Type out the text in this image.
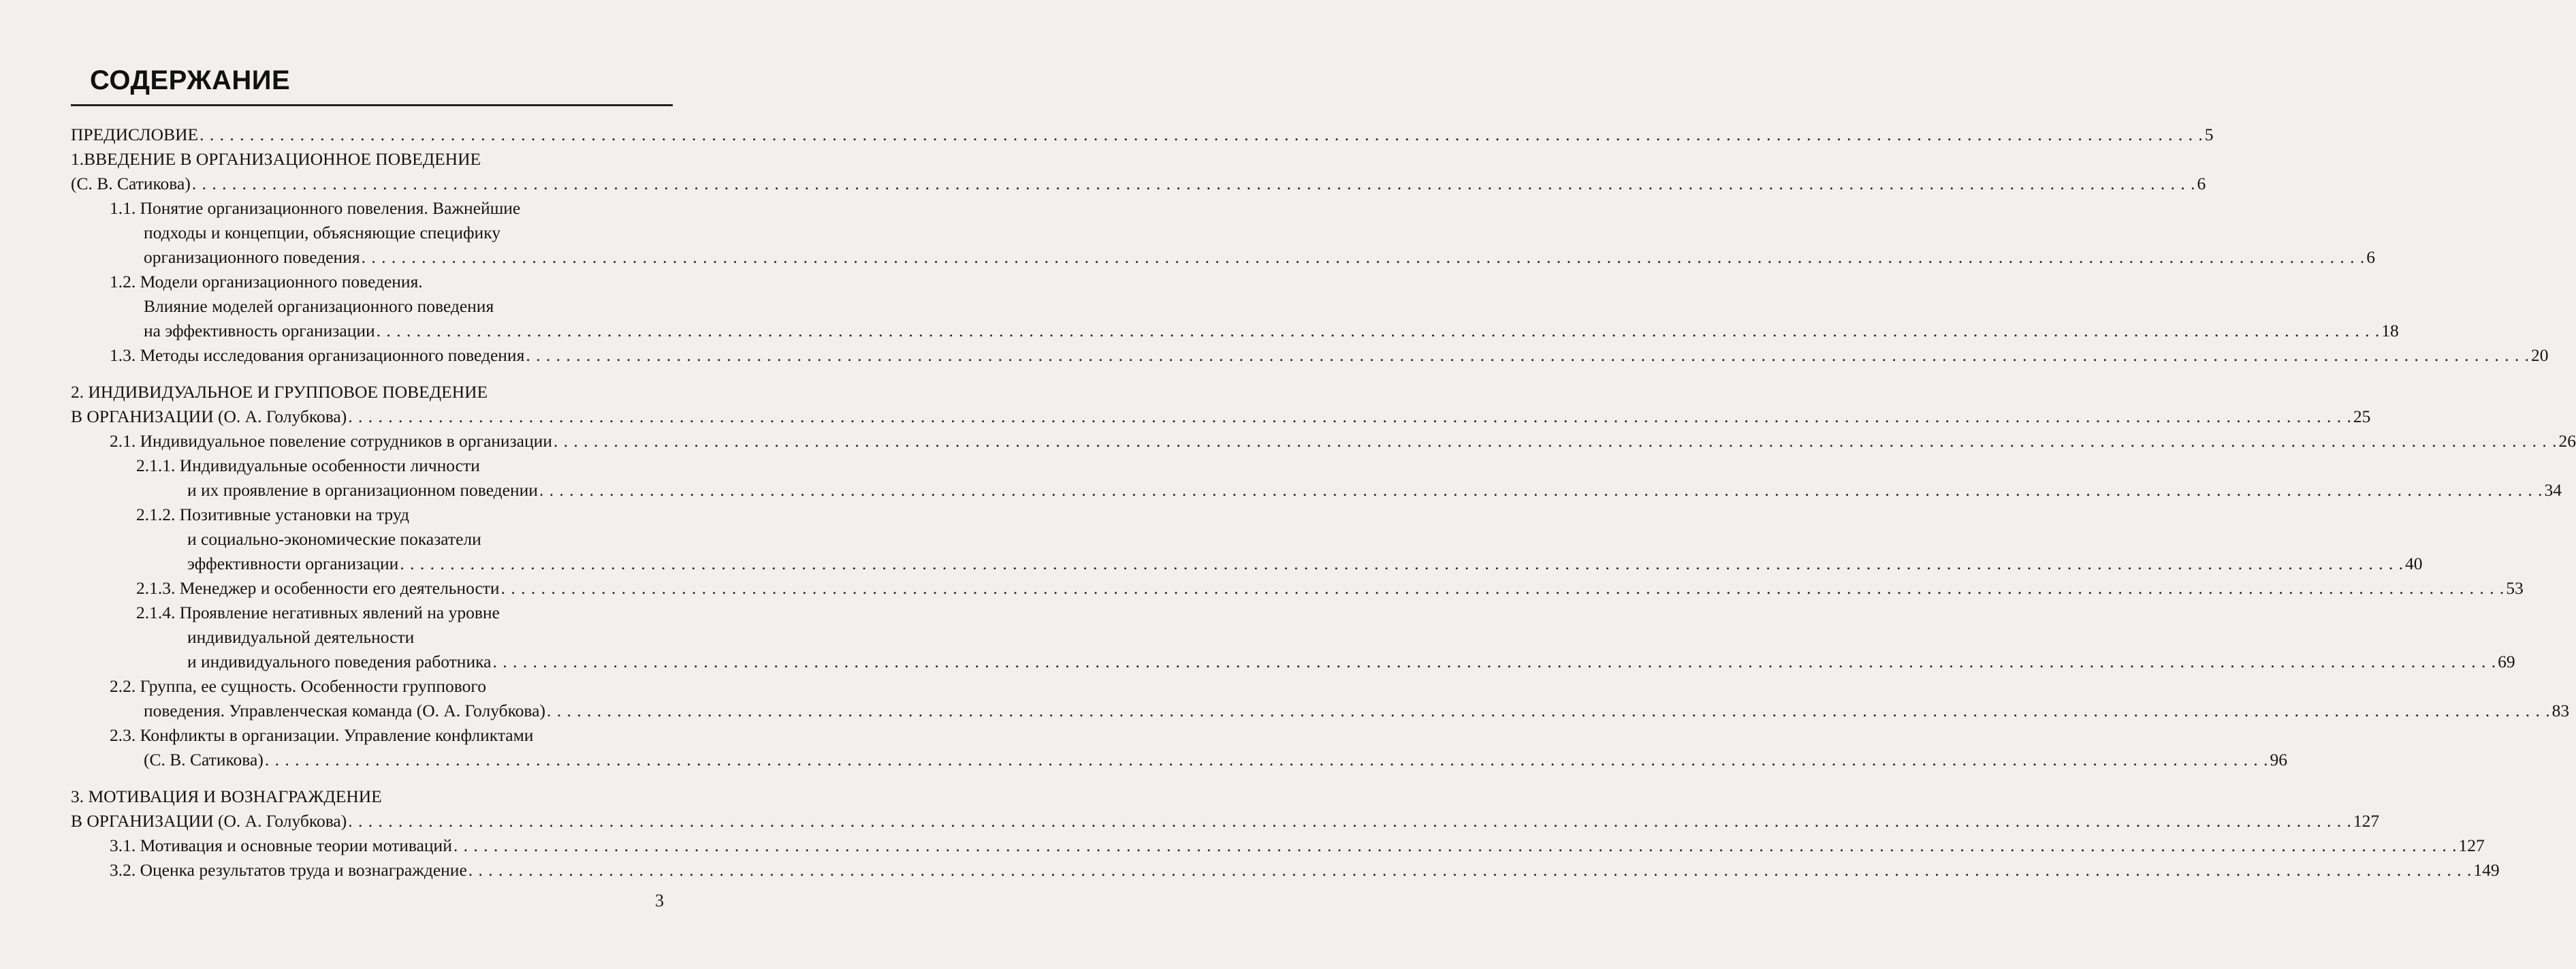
СОДЕРЖАНИЕ
ПРЕДИСЛОВИЕ . . . . . . . . . . . . . . . . . . . . . . . . . . . . . . . . . . . . . . . . . . . . . . . . . . . . . . . . . . . . . . . . . . . . . . . . . . . . . . . . . . . . . . . . . . . . . . . . . . . . . . . . . . . . . . . . . . . . . . . . . . . . . . . . . . . . . . . . . . . . . . . . . . . . . . . . . . . . . . . . . . . . . . . . . . . . . . . . . . . . . . . . . . . . . . . . . . . . . . . . 5
1.ВВЕДЕНИЕ В ОРГАНИЗАЦИОННОЕ ПОВЕДЕНИЕ
(С. В. Сатикова) . . . . . . . . . . . . . . . . . . . . . . . . . . . . . . . . . . . . . . . . . . . . . . . . . . . . . . . . . . . . . . . . . . . . . . . . . . . . . . . . . . . . . . . . . . . . . . . . . . . . . . . . . . . . . . . . . . . . . . . . . . . . . . . . . . . . . . . . . . . . . . . . . . . . . . . . . . . . . . . . . . . . . . . . . . . . . . . . . . . . . . . . . . . . . . . . . . . . . . . . 6
1.1. Понятие организационного повеления. Важнейшие
подходы и концепции, объясняющие специфику
организационного поведения . . . . . . . . . . . . . . . . . . . . . . . . . . . . . . . . . . . . . . . . . . . . . . . . . . . . . . . . . . . . . . . . . . . . . . . . . . . . . . . . . . . . . . . . . . . . . . . . . . . . . . . . . . . . . . . . . . . . . . . . . . . . . . . . . . . . . . . . . . . . . . . . . . . . . . . . . . . . . . . . . . . . . . . . . . . . . . . . . . . . . . . . . . . . . . . . . . . . . . . . 6
1.2. Модели организационного поведения.
Влияние моделей организационного поведения
на эффективность организации . . . . . . . . . . . . . . . . . . . . . . . . . . . . . . . . . . . . . . . . . . . . . . . . . . . . . . . . . . . . . . . . . . . . . . . . . . . . . . . . . . . . . . . . . . . . . . . . . . . . . . . . . . . . . . . . . . . . . . . . . . . . . . . . . . . . . . . . . . . . . . . . . . . . . . . . . . . . . . . . . . . . . . . . . . . . . . . . . . . . . . . . . . . . . . . . . . . . . . . . 18
1.3. Методы исследования организационного поведения . . . . . . . . . . . . . . . . . . . . . . . . . . . . . . . . . . . . . . . . . . . . . . . . . . . . . . . . . . . . . . . . . . . . . . . . . . . . . . . . . . . . . . . . . . . . . . . . . . . . . . . . . . . . . . . . . . . . . . . . . . . . . . . . . . . . . . . . . . . . . . . . . . . . . . . . . . . . . . . . . . . . . . . . . . . . . . . . . . . . . . . . . . . . . . . . . . . . . . . . 20
2. ИНДИВИДУАЛЬНОЕ И ГРУППОВОЕ ПОВЕДЕНИЕ
В ОРГАНИЗАЦИИ (О. А. Голубкова) . . . . . . . . . . . . . . . . . . . . . . . . . . . . . . . . . . . . . . . . . . . . . . . . . . . . . . . . . . . . . . . . . . . . . . . . . . . . . . . . . . . . . . . . . . . . . . . . . . . . . . . . . . . . . . . . . . . . . . . . . . . . . . . . . . . . . . . . . . . . . . . . . . . . . . . . . . . . . . . . . . . . . . . . . . . . . . . . . . . . . . . . . . . . . . . . . . . . . . . . 25
2.1. Индивидуальное повеление сотрудников в организации . . . . . . . . . . . . . . . . . . . . . . . . . . . . . . . . . . . . . . . . . . . . . . . . . . . . . . . . . . . . . . . . . . . . . . . . . . . . . . . . . . . . . . . . . . . . . . . . . . . . . . . . . . . . . . . . . . . . . . . . . . . . . . . . . . . . . . . . . . . . . . . . . . . . . . . . . . . . . . . . . . . . . . . . . . . . . . . . . . . . . . . . . . . . . . . . . . . . . . . . 26
2.1.1. Индивидуальные особенности личности
и их проявление в организационном поведении . . . . . . . . . . . . . . . . . . . . . . . . . . . . . . . . . . . . . . . . . . . . . . . . . . . . . . . . . . . . . . . . . . . . . . . . . . . . . . . . . . . . . . . . . . . . . . . . . . . . . . . . . . . . . . . . . . . . . . . . . . . . . . . . . . . . . . . . . . . . . . . . . . . . . . . . . . . . . . . . . . . . . . . . . . . . . . . . . . . . . . . . . . . . . . . . . . . . . . . . 34
2.1.2. Позитивные установки на труд
и социально-экономические показатели
эффективности организации . . . . . . . . . . . . . . . . . . . . . . . . . . . . . . . . . . . . . . . . . . . . . . . . . . . . . . . . . . . . . . . . . . . . . . . . . . . . . . . . . . . . . . . . . . . . . . . . . . . . . . . . . . . . . . . . . . . . . . . . . . . . . . . . . . . . . . . . . . . . . . . . . . . . . . . . . . . . . . . . . . . . . . . . . . . . . . . . . . . . . . . . . . . . . . . . . . . . . . . . 40
2.1.3. Менеджер и особенности его деятельности . . . . . . . . . . . . . . . . . . . . . . . . . . . . . . . . . . . . . . . . . . . . . . . . . . . . . . . . . . . . . . . . . . . . . . . . . . . . . . . . . . . . . . . . . . . . . . . . . . . . . . . . . . . . . . . . . . . . . . . . . . . . . . . . . . . . . . . . . . . . . . . . . . . . . . . . . . . . . . . . . . . . . . . . . . . . . . . . . . . . . . . . . . . . . . . . . . . . . . . . 53
2.1.4. Проявление негативных явлений на уровне
индивидуальной деятельности
и индивидуального поведения работника . . . . . . . . . . . . . . . . . . . . . . . . . . . . . . . . . . . . . . . . . . . . . . . . . . . . . . . . . . . . . . . . . . . . . . . . . . . . . . . . . . . . . . . . . . . . . . . . . . . . . . . . . . . . . . . . . . . . . . . . . . . . . . . . . . . . . . . . . . . . . . . . . . . . . . . . . . . . . . . . . . . . . . . . . . . . . . . . . . . . . . . . . . . . . . . . . . . . . . . . 69
2.2. Группа, ее сущность. Особенности группового
поведения. Управленческая команда (О. А. Голубкова) . . . . . . . . . . . . . . . . . . . . . . . . . . . . . . . . . . . . . . . . . . . . . . . . . . . . . . . . . . . . . . . . . . . . . . . . . . . . . . . . . . . . . . . . . . . . . . . . . . . . . . . . . . . . . . . . . . . . . . . . . . . . . . . . . . . . . . . . . . . . . . . . . . . . . . . . . . . . . . . . . . . . . . . . . . . . . . . . . . . . . . . . . . . . . . . . . . . . . . . . 83
2.3. Конфликты в организации. Управление конфликтами
(С. В. Сатикова) . . . . . . . . . . . . . . . . . . . . . . . . . . . . . . . . . . . . . . . . . . . . . . . . . . . . . . . . . . . . . . . . . . . . . . . . . . . . . . . . . . . . . . . . . . . . . . . . . . . . . . . . . . . . . . . . . . . . . . . . . . . . . . . . . . . . . . . . . . . . . . . . . . . . . . . . . . . . . . . . . . . . . . . . . . . . . . . . . . . . . . . . . . . . . . . . . . . . . . . . 96
3. МОТИВАЦИЯ И ВОЗНАГРАЖДЕНИЕ
В ОРГАНИЗАЦИИ (О. А. Голубкова) . . . . . . . . . . . . . . . . . . . . . . . . . . . . . . . . . . . . . . . . . . . . . . . . . . . . . . . . . . . . . . . . . . . . . . . . . . . . . . . . . . . . . . . . . . . . . . . . . . . . . . . . . . . . . . . . . . . . . . . . . . . . . . . . . . . . . . . . . . . . . . . . . . . . . . . . . . . . . . . . . . . . . . . . . . . . . . . . . . . . . . . . . . . . . . . . . . . . . . . . 127
3.1. Мотивация и основные теории мотиваций . . . . . . . . . . . . . . . . . . . . . . . . . . . . . . . . . . . . . . . . . . . . . . . . . . . . . . . . . . . . . . . . . . . . . . . . . . . . . . . . . . . . . . . . . . . . . . . . . . . . . . . . . . . . . . . . . . . . . . . . . . . . . . . . . . . . . . . . . . . . . . . . . . . . . . . . . . . . . . . . . . . . . . . . . . . . . . . . . . . . . . . . . . . . . . . . . . . . . . . . 127
3.2. Оценка результатов труда и вознаграждение . . . . . . . . . . . . . . . . . . . . . . . . . . . . . . . . . . . . . . . . . . . . . . . . . . . . . . . . . . . . . . . . . . . . . . . . . . . . . . . . . . . . . . . . . . . . . . . . . . . . . . . . . . . . . . . . . . . . . . . . . . . . . . . . . . . . . . . . . . . . . . . . . . . . . . . . . . . . . . . . . . . . . . . . . . . . . . . . . . . . . . . . . . . . . . . . . . . . . . . . 149
3
